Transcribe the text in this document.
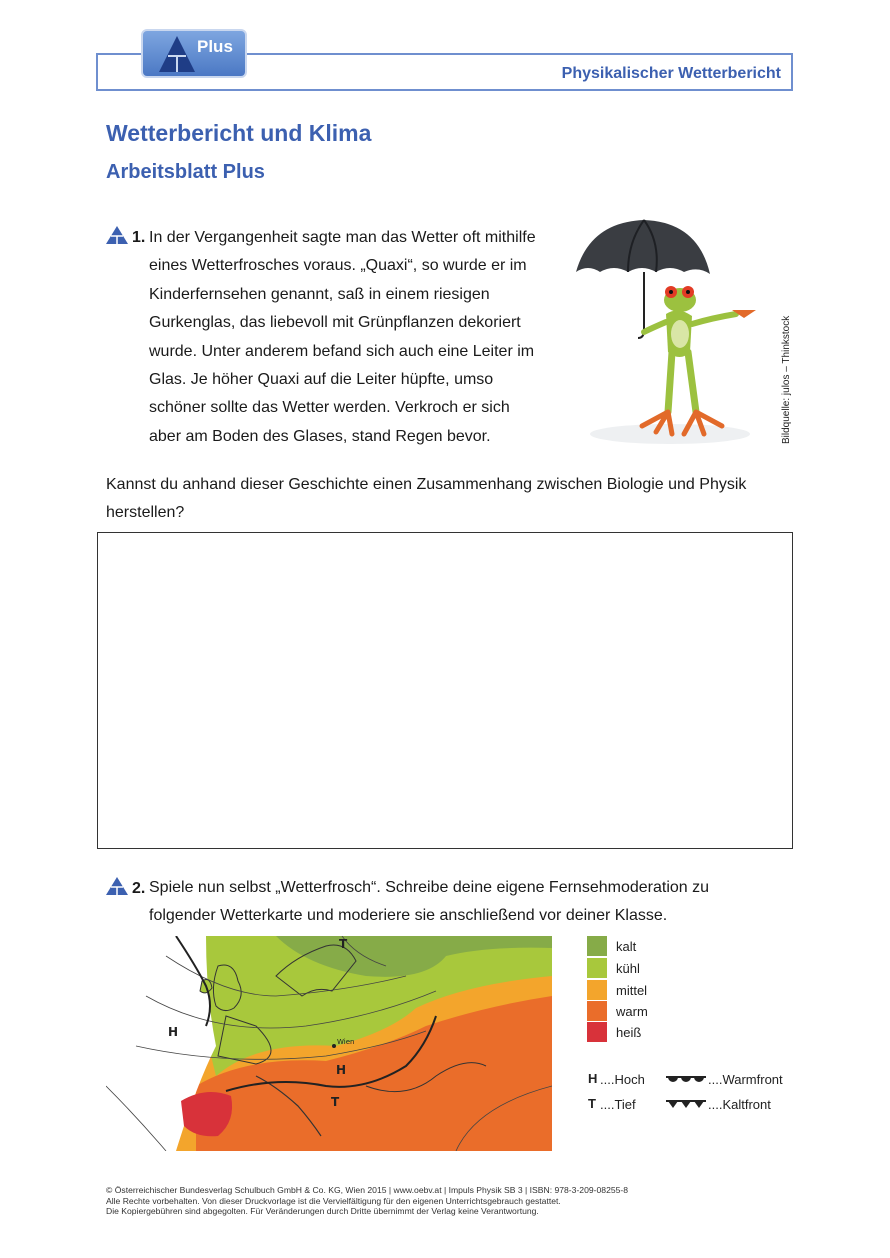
Physikalischer Wetterbericht
Plus
Wetterbericht und Klima
Arbeitsblatt Plus
1. In der Vergangenheit sagte man das Wetter oft mithilfe
eines Wetterfrosches voraus. „Quaxi“, so wurde er im
Kinderfernsehen genannt, saß in einem riesigen
Gurkenglas, das liebevoll mit Grünpflanzen dekoriert
wurde. Unter anderem befand sich auch eine Leiter im
Glas. Je höher Quaxi auf die Leiter hüpfte, umso
schöner sollte das Wetter werden. Verkroch er sich
aber am Boden des Glases, stand Regen bevor.	Bildquelle: julos – Thinkstock
Kannst du anhand dieser Geschichte einen Zusammenhang zwischen Biologie und Physik
herstellen?
2. Spiele nun selbst „Wetterfrosch“. Schreibe deine eigene Fernsehmoderation zu
folgender Wetterkarte und moderiere sie anschließend vor deiner Klasse.
H
H
T
T
Wien
kalt
kühl
mittel
warm
heiß
H ....Hoch
T ....Tief
....Warmfront
....Kaltfront
© Österreichischer Bundesverlag Schulbuch GmbH & Co. KG, Wien 2015 | www.oebv.at | Impuls Physik SB 3 | ISBN: 978-3-209-08255-8
Alle Rechte vorbehalten. Von dieser Druckvorlage ist die Vervielfältigung für den eigenen Unterrichtsgebrauch gestattet.
Die Kopiergebühren sind abgegolten. Für Veränderungen durch Dritte übernimmt der Verlag keine Verantwortung.
